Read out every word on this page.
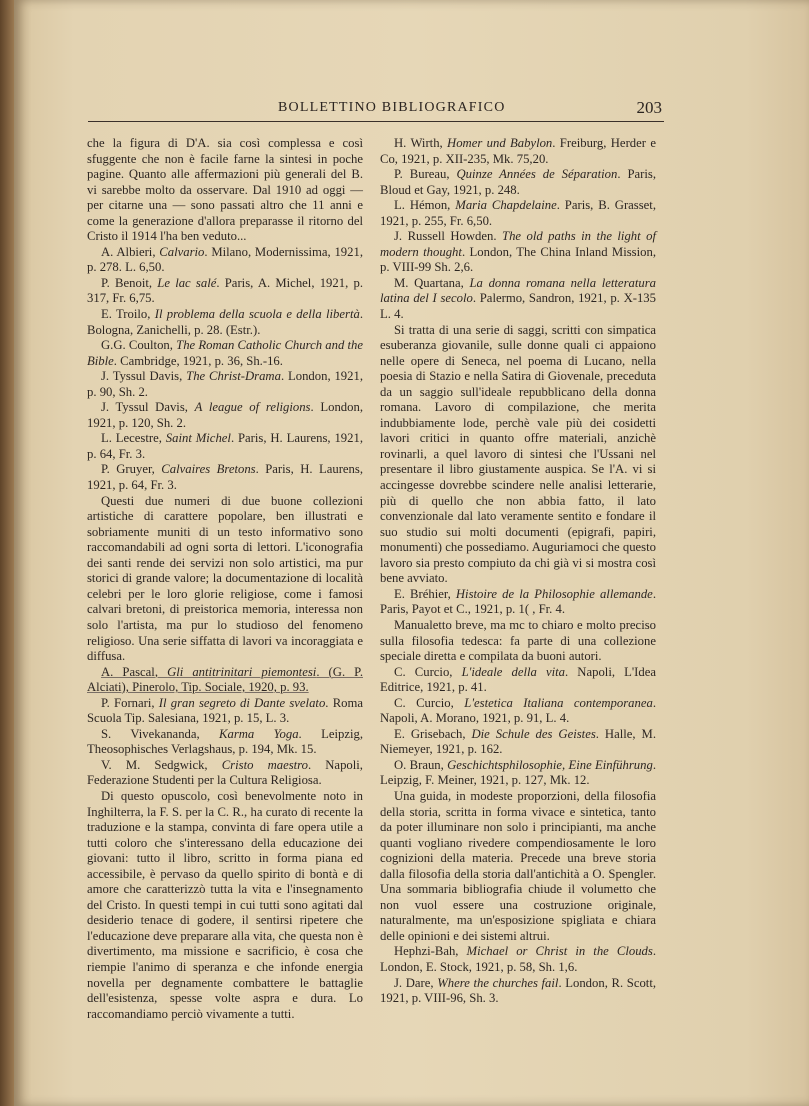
BOLLETTINO BIBLIOGRAFICO	203

che la figura di D'A. sia così complessa e così sfuggente che non è facile farne la sintesi in poche pagine. Quanto alle affermazioni più generali del B. vi sarebbe molto da osservare. Dal 1910 ad oggi — per citarne una — sono passati altro che 11 anni e come la generazione d'allora preparasse il ritorno del Cristo il 1914 l'ha ben veduto...

A. Albieri, Calvario. Milano, Modernissima, 1921, p. 278. L. 6,50.

P. Benoit, Le lac salé. Paris, A. Michel, 1921, p. 317, Fr. 6,75.

E. Troilo, Il problema della scuola e della libertà. Bologna, Zanichelli, p. 28. (Estr.).

G.G. Coulton, The Roman Catholic Church and the Bible. Cambridge, 1921, p. 36, Sh.-16.

J. Tyssul Davis, The Christ-Drama. London, 1921, p. 90, Sh. 2.

J. Tyssul Davis, A league of religions. London, 1921, p. 120, Sh. 2.

L. Lecestre, Saint Michel. Paris, H. Laurens, 1921, p. 64, Fr. 3.

P. Gruyer, Calvaires Bretons. Paris, H. Laurens, 1921, p. 64, Fr. 3.

Questi due numeri di due buone collezioni artistiche di carattere popolare, ben illustrati e sobriamente muniti di un testo informativo sono raccomandabili ad ogni sorta di lettori. L'iconografia dei santi rende dei servizi non solo artistici, ma pur storici di grande valore; la documentazione di località celebri per le loro glorie religiose, come i famosi calvari bretoni, di preistorica memoria, interessa non solo l'artista, ma pur lo studioso del fenomeno religioso. Una serie siffatta di lavori va incoraggiata e diffusa.

A. Pascal, Gli antitrinitari piemontesi. (G. P. Alciati), Pinerolo, Tip. Sociale, 1920, p. 93.

P. Fornari, Il gran segreto di Dante svelato. Roma Scuola Tip. Salesiana, 1921, p. 15, L. 3.

S. Vivekananda, Karma Yoga. Leipzig, Theosophisches Verlagshaus, p. 194, Mk. 15.

V. M. Sedgwick, Cristo maestro. Napoli, Federazione Studenti per la Cultura Religiosa.

Di questo opuscolo, così benevolmente noto in Inghilterra, la F. S. per la C. R., ha curato di recente la traduzione e la stampa, convinta di fare opera utile a tutti coloro che s'interessano della educazione dei giovani: tutto il libro, scritto in forma piana ed accessibile, è pervaso da quello spirito di bontà e di amore che caratterizzò tutta la vita e l'insegnamento del Cristo. In questi tempi in cui tutti sono agitati dal desiderio tenace di godere, il sentirsi ripetere che l'educazione deve preparare alla vita, che questa non è divertimento, ma missione e sacrificio, è cosa che riempie l'animo di speranza e che infonde energia novella per degnamente combattere le battaglie dell'esistenza, spesse volte aspra e dura. Lo raccomandiamo perciò vivamente a tutti.

H. Wirth, Homer und Babylon. Freiburg, Herder e Co, 1921, p. XII-235, Mk. 75,20.

P. Bureau, Quinze Années de Séparation. Paris, Bloud et Gay, 1921, p. 248.

L. Hémon, Maria Chapdelaine. Paris, B. Grasset, 1921, p. 255, Fr. 6,50.

J. Russell Howden. The old paths in the light of modern thought. London, The China Inland Mission, p. VIII-99 Sh. 2,6.

M. Quartana, La donna romana nella letteratura latina del I secolo. Palermo, Sandron, 1921, p. X-135 L. 4.

Si tratta di una serie di saggi, scritti con simpatica esuberanza giovanile, sulle donne quali ci appaiono nelle opere di Seneca, nel poema di Lucano, nella poesia di Stazio e nella Satira di Giovenale, preceduta da un saggio sull'ideale repubblicano della donna romana. Lavoro di compilazione, che merita indubbiamente lode, perchè vale più dei cosidetti lavori critici in quanto offre materiali, anzichè rovinarli, a quel lavoro di sintesi che l'Ussani nel presentare il libro giustamente auspica. Se l'A. vi si accingesse dovrebbe scindere nelle analisi letterarie, più di quello che non abbia fatto, il lato convenzionale dal lato veramente sentito e fondare il suo studio sui molti documenti (epigrafi, papiri, monumenti) che possediamo. Auguriamoci che questo lavoro sia presto compiuto da chi già vi si mostra così bene avviato.

E. Bréhier, Histoire de la Philosophie allemande. Paris, Payot et C., 1921, p. 1( , Fr. 4.

Manualetto breve, ma mc to chiaro e molto preciso sulla filosofia tedesca: fa parte di una collezione speciale diretta e compilata da buoni autori.

C. Curcio, L'ideale della vita. Napoli, L'Idea Editrice, 1921, p. 41.

C. Curcio, L'estetica Italiana contemporanea. Napoli, A. Morano, 1921, p. 91, L. 4.

E. Grisebach, Die Schule des Geistes. Halle, M. Niemeyer, 1921, p. 162.

O. Braun, Geschichtsphilosophie, Eine Einführung. Leipzig, F. Meiner, 1921, p. 127, Mk. 12.

Una guida, in modeste proporzioni, della filosofia della storia, scritta in forma vivace e sintetica, tanto da poter illuminare non solo i principianti, ma anche quanti vogliano rivedere compendiosamente le loro cognizioni della materia. Precede una breve storia dalla filosofia della storia dall'antichità a O. Spengler. Una sommaria bibliografia chiude il volumetto che non vuol essere una costruzione originale, naturalmente, ma un'esposizione spigliata e chiara delle opinioni e dei sistemi altrui.

Hephzi-Bah, Michael or Christ in the Clouds. London, E. Stock, 1921, p. 58, Sh. 1,6.

J. Dare, Where the churches fail. London, R. Scott, 1921, p. VIII-96, Sh. 3.
